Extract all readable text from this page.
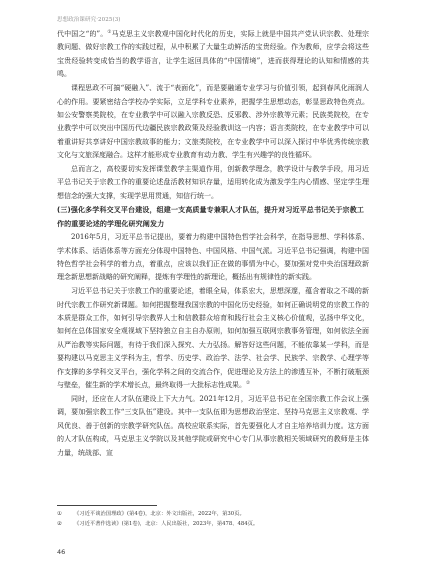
思想政治课研究·2025(3)

代中国之“的”。①马克思主义宗教观中国化时代化的历史，实际上就是中国共产党认识宗教、处理宗教问题、做好宗教工作的实践过程，从中积累了大量生动鲜活的宝贵经验。作为教师，应学会将这些宝贵经验转变成恰当的教学语言，让学生返回具体的“中国情境”，进而获得理论的认知和情感的共鸣。

课程思政不可搞“硬融入”、流于“表面化”，而是要融通专业学习与价值引领，起到春风化雨润人心的作用。要紧密结合学校办学实际，立足学科专业素养，把握学生思想动态，彰显思政特色亮点。如公安警察类院校，在专业教学中可以融入宗教反恐、反邪教、涉外宗教等元素；民族类院校，在专业教学中可以突出中国历代边疆民族宗教政策及经验教训这一内容；语言类院校，在专业教学中可以着重讲好共享讲好中国宗教故事的能力；文旅类院校，在专业教学中可以深入探讨中华优秀传统宗教文化与文旅深度融合。这样才能形成专业教育有动力教、学生有兴趣学的良性循环。

总而言之，高校要切实发挥课堂教学主渠道作用，创新教学理念，教学设计与教学手段，用习近平总书记关于宗教工作的重要论述盘活教材知识存量，适用转化成为激发学生内心情感、坚定学生理想信念的强大支撑，实现学思用贯通，知信行统一。

(三)强化多学科交叉平台建设，组建一支高质量专兼职人才队伍，提升对习近平总书记关于宗教工作的重要论述的学理化研究阐发力

2016年5月，习近平总书记提出，要着力构建中国特色哲学社会科学，在指导思想、学科体系、学术体系、话语体系等方面充分体现中国特色、中国风格、中国气派。习近平总书记强调，构建中国特色哲学社会科学的着力点，着重点，应该以我们正在做的事情为中心，要加强对党中央治国理政新理念新思想新战略的研究阐释，提炼有学理性的新理论，概括出有规律性的新实践。

习近平总书记关于宗教工作的重要论述，着眼全局，体系宏大，思想深邃，蕴含着取之不竭的新时代宗教工作研究新课题。如何把握整理我国宗教的中国化历史经验，如何正确说明党的宗教工作的本质是群众工作，如何引导宗教界人士和信教群众培育和践行社会主义核心价值观，弘扬中华文化，如何在总体国家安全观视域下坚持独立自主自办原则，如何加强互联网宗教事务管理，如何依法全面从严治教等实际问题，有待于我们深入探究、大力弘扬。解答好这些问题，不能依靠某一学科，而是要构建以马克思主义学科为主，哲学、历史学、政治学、法学、社会学、民族学、宗教学、心理学等作支撑的多学科交叉平台，强化学科之间的交流合作，促进理论及方法上的渗透互补，不断打破瓶颈与壁垒，催生新的学术增长点，最终取得一大批标志性成果。②

同时，还应在人才队伍建设上下大力气。2021年12月，习近平总书记在全国宗教工作会议上强调，要加强宗教工作“三支队伍”建设。其中一支队伍即为思想政治坚定、坚持马克思主义宗教观、学风优良、善于创新的宗教学研究队伍。高校应联系实际，首先要强化人才自主培养培训力度。这方面的人才队伍构成，马克思主义学院以及其他学院或研究中心专门从事宗教相关领域研究的教师是主体力量，统战部、宣

①	《习近平谈治国理政》(第4卷)，北京：外文出版社，2022年，第30页。
②	《习近平著作选读》(第1卷)，北京：人民出版社，2023年，第478、484页。
46
